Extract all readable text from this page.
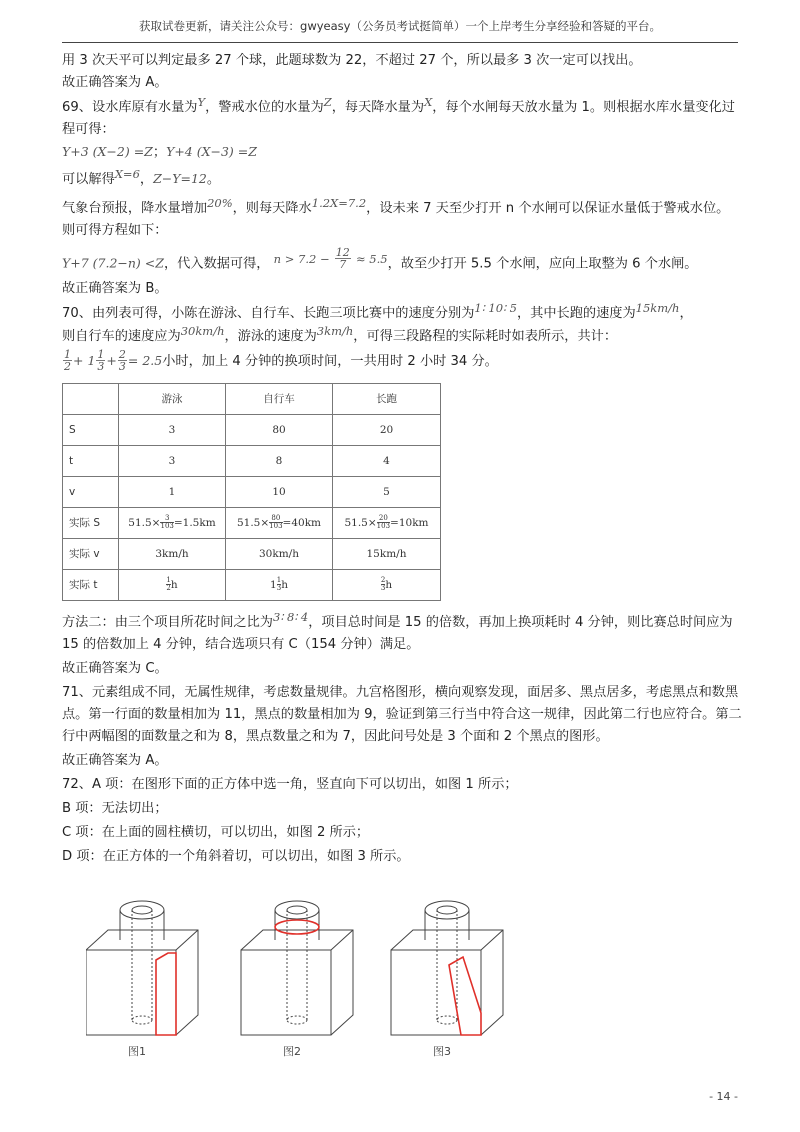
获取试卷更新，请关注公众号：gwyeasy（公务员考试挺简单）一个上岸考生分享经验和答疑的平台。

用 3 次天平可以判定最多 27 个球，此题球数为 22，不超过 27 个，所以最多 3 次一定可以找出。

故正确答案为 A。

69、设水库原有水量为Y，警戒水位的水量为Z，每天降水量为X，每个水闸每天放水量为 1。则根据水库水量变化过程可得：

Y+3 (X−2) =Z；Y+4 (X−3) =Z

可以解得X=6，Z−Y=12。

气象台预报，降水量增加20%，则每天降水1.2X=7.2，设未来 7 天至少打开 n 个水闸可以保证水量低于警戒水位。则可得方程如下：

Y+7 (7.2−n) <Z，代入数据可得， $n > 7.2 - \frac{12}{7} \approx 5.5$，故至少打开 5.5 个水闸，应向上取整为 6 个水闸。

故正确答案为 B。

70、由列表可得，小陈在游泳、自行车、长跑三项比赛中的速度分别为1∶ 10∶ 5，其中长跑的速度为15km/h，
则自行车的速度应为30km/h，游泳的速度为3km/h，可得三段路程的实际耗时如表所示，共计：

$\frac{1}{2} + 1 \frac{1}{3} + \frac{2}{3} = 2.5$小时，加上 4 分钟的换项时间，一共用时 2 小时 34 分。

	游泳	自行车	长跑
S	3	80	20
t	3	8	4
v	1	10	5
实际 S	$51.5\times \frac{3}{103} =1.5km$	$51.5\times \frac{80}{103} =40km$	$51.5\times \frac{20}{103} =10km$
实际 v	3km/h	30km/h	15km/h
实际 t	$\frac{1}{2}$ h	$1 \frac{1}{3}$ h	$\frac{2}{3}$ h

方法二：由三个项目所花时间之比为3∶ 8∶ 4，项目总时间是 15 的倍数，再加上换项耗时 4 分钟，则比赛总时间应为 15 的倍数加上 4 分钟，结合选项只有 C（154 分钟）满足。

故正确答案为 C。

71、元素组成不同，无属性规律，考虑数量规律。九宫格图形，横向观察发现，面居多、黑点居多，考虑黑点和数黑点。第一行面的数量相加为 11，黑点的数量相加为 9，验证到第三行当中符合这一规律，因此第二行也应符合。第二行中两幅图的面数量之和为 8，黑点数量之和为 7，因此问号处是 3 个面和 2 个黑点的图形。

故正确答案为 A。

72、A 项：在图形下面的正方体中选一角，竖直向下可以切出，如图 1 所示；

B 项：无法切出；

C 项：在上面的圆柱横切，可以切出，如图 2 所示；

D 项：在正方体的一个角斜着切，可以切出，如图 3 所示。

图1	图2	图3
- 14 -
